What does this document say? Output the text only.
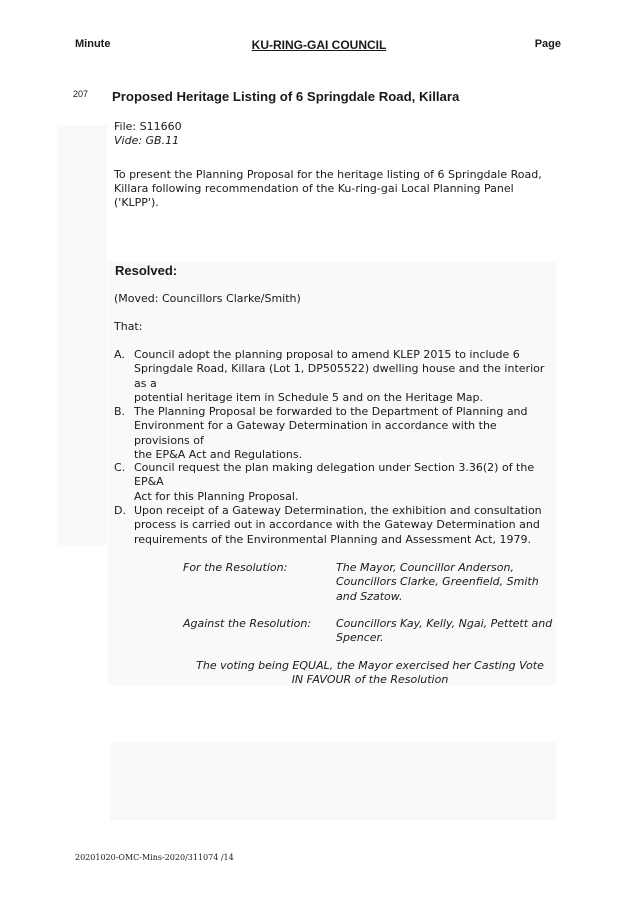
Minute	KU-RING-GAI COUNCIL	Page
207 Proposed Heritage Listing of 6 Springdale Road, Killara
File: S11660
Vide: GB.11
To present the Planning Proposal for the heritage listing of 6 Springdale Road,
Killara following recommendation of the Ku-ring-gai Local Planning Panel
('KLPP').
Resolved:
(Moved: Councillors Clarke/Smith)
That:
A. Council adopt the planning proposal to amend KLEP 2015 to include 6
Springdale Road, Killara (Lot 1, DP505522) dwelling house and the interior as a
potential heritage item in Schedule 5 and on the Heritage Map.
B. The Planning Proposal be forwarded to the Department of Planning and
Environment for a Gateway Determination in accordance with the provisions of
the EP&A Act and Regulations.
C. Council request the plan making delegation under Section 3.36(2) of the EP&A
Act for this Planning Proposal.
D. Upon receipt of a Gateway Determination, the exhibition and consultation
process is carried out in accordance with the Gateway Determination and
requirements of the Environmental Planning and Assessment Act, 1979.
For the Resolution:	The Mayor, Councillor Anderson,
Councillors Clarke, Greenfield, Smith
and Szatow.
Against the Resolution: Councillors Kay, Kelly, Ngai, Pettett and
Spencer.
The voting being EQUAL, the Mayor exercised her Casting Vote
IN FAVOUR of the Resolution
20201020-OMC-Mins-2020/311074 /14
